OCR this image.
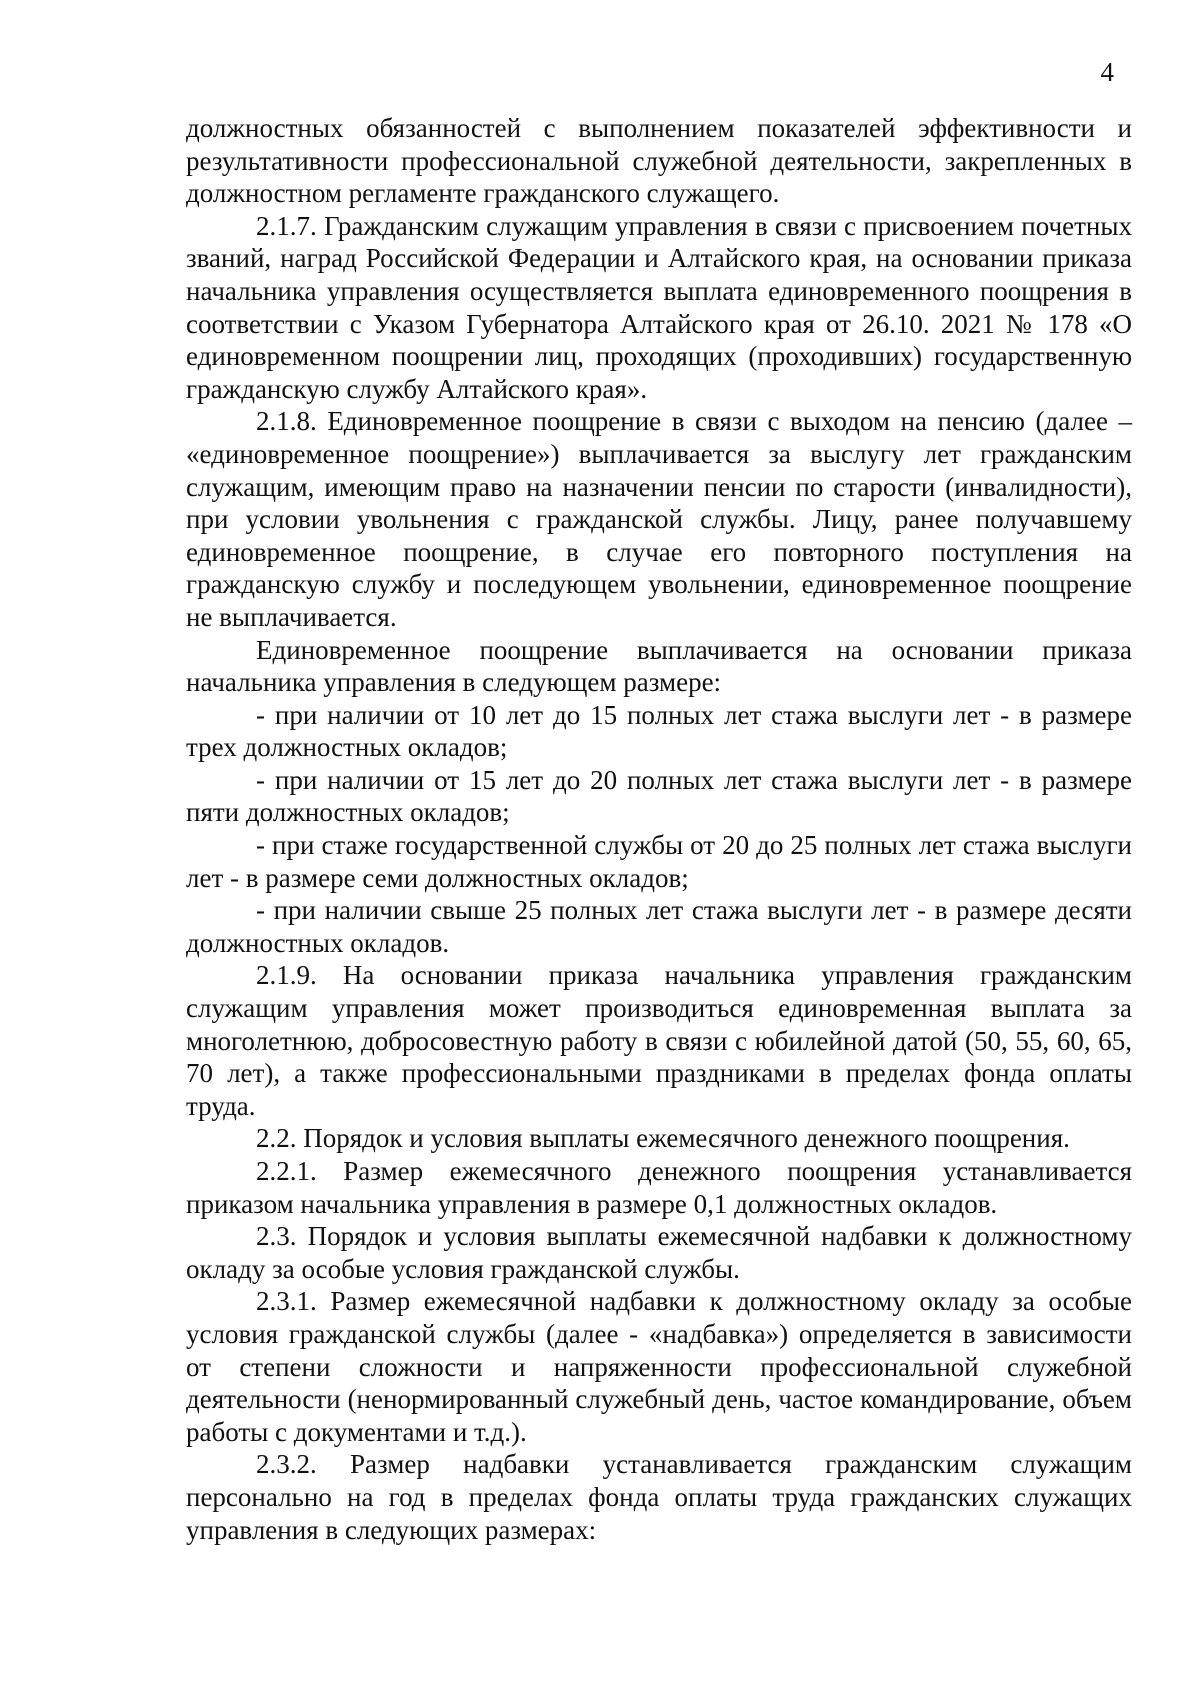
4

должностных обязанностей с выполнением показателей эффективности и результативности профессиональной служебной деятельности, закрепленных в должностном регламенте гражданского служащего.

2.1.7. Гражданским служащим управления в связи с присвоением почетных званий, наград Российской Федерации и Алтайского края, на основании приказа начальника управления осуществляется выплата единовременного поощрения в соответствии с Указом Губернатора Алтайского края от 26.10. 2021 № 178 «О единовременном поощрении лиц, проходящих (проходивших) государственную гражданскую службу Алтайского края».

2.1.8. Единовременное поощрение в связи с выходом на пенсию (далее – «единовременное поощрение») выплачивается за выслугу лет гражданским служащим, имеющим право на назначении пенсии по старости (инвалидности), при условии увольнения с гражданской службы. Лицу, ранее получавшему единовременное поощрение, в случае его повторного поступления на гражданскую службу и последующем увольнении, единовременное поощрение не выплачивается.

Единовременное поощрение выплачивается на основании приказа начальника управления в следующем размере:

- при наличии от 10 лет до 15 полных лет стажа выслуги лет - в размере трех должностных окладов;

- при наличии от 15 лет до 20 полных лет стажа выслуги лет - в размере пяти должностных окладов;

- при стаже государственной службы от 20 до 25 полных лет стажа выслуги лет - в размере семи должностных окладов;

- при наличии свыше 25 полных лет стажа выслуги лет - в размере десяти должностных окладов.

2.1.9. На основании приказа начальника управления гражданским служащим управления может производиться единовременная выплата за многолетнюю, добросовестную работу в связи с юбилейной датой (50, 55, 60, 65, 70 лет), а также профессиональными праздниками в пределах фонда оплаты труда.

2.2. Порядок и условия выплаты ежемесячного денежного поощрения.

2.2.1. Размер ежемесячного денежного поощрения устанавливается приказом начальника управления в размере 0,1 должностных окладов.

2.3. Порядок и условия выплаты ежемесячной надбавки к должностному окладу за особые условия гражданской службы.

2.3.1. Размер ежемесячной надбавки к должностному окладу за особые условия гражданской службы (далее - «надбавка») определяется в зависимости от степени сложности и напряженности профессиональной служебной деятельности (ненормированный служебный день, частое командирование, объем работы с документами и т.д.).

2.3.2. Размер надбавки устанавливается гражданским служащим персонально на год в пределах фонда оплаты труда гражданских служащих управления в следующих размерах:
